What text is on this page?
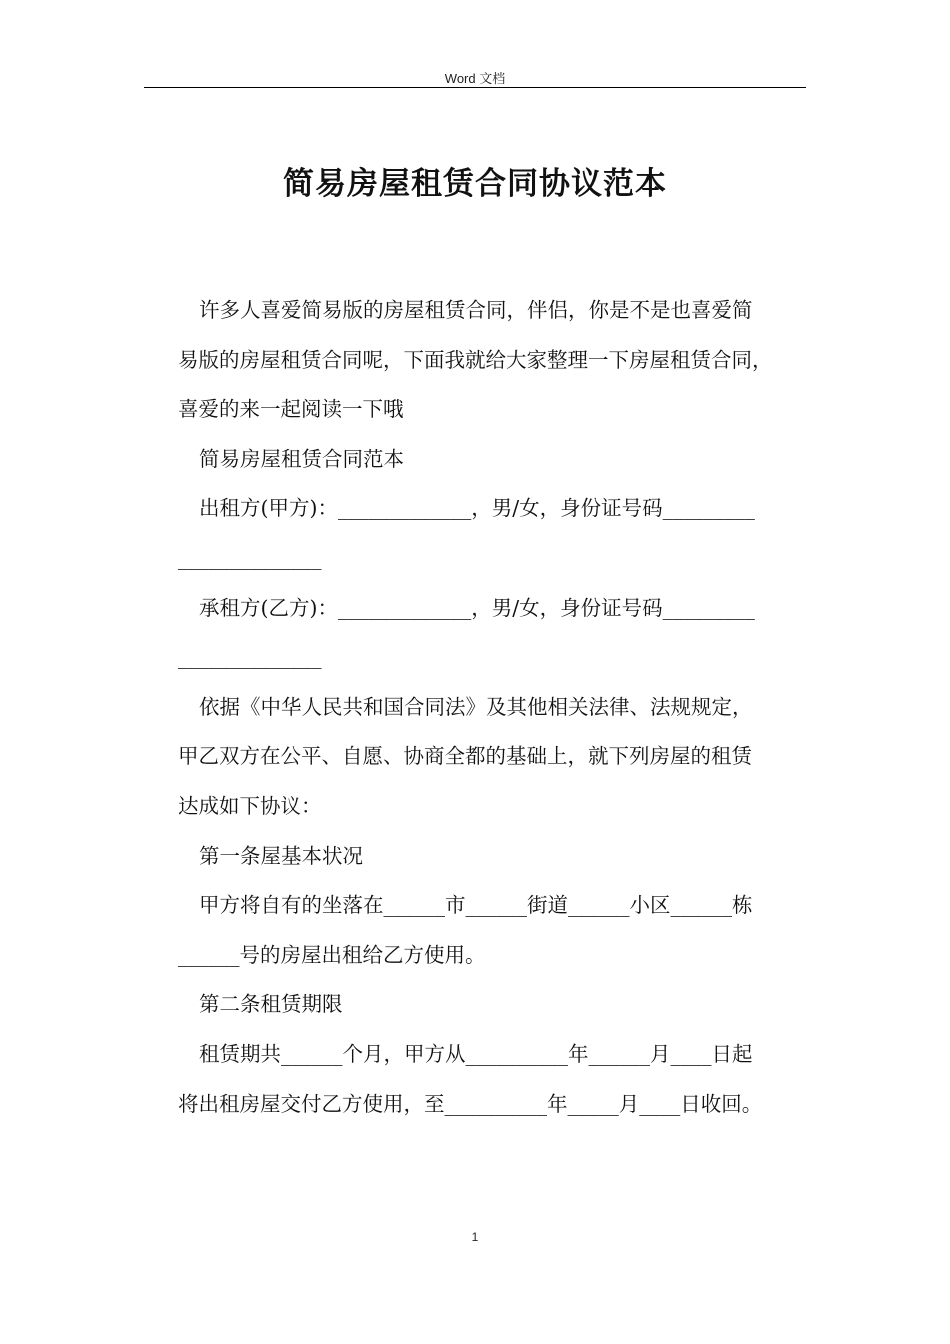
Word 文档
简易房屋租赁合同协议范本
许多人喜爱简易版的房屋租赁合同，伴侣，你是不是也喜爱简
易版的房屋租赁合同呢，下面我就给大家整理一下房屋租赁合同，
喜爱的来一起阅读一下哦
简易房屋租赁合同范本
出租方(甲方)：_____________，男/女，身份证号码_________
______________
承租方(乙方)：_____________，男/女，身份证号码_________
______________
依据《中华人民共和国合同法》及其他相关法律、法规规定，
甲乙双方在公平、自愿、协商全都的基础上，就下列房屋的租赁
达成如下协议：
第一条屋基本状况
甲方将自有的坐落在______市______街道______小区______栋
______号的房屋出租给乙方使用。
第二条租赁期限
租赁期共______个月，甲方从__________年______月____日起
将出租房屋交付乙方使用，至__________年_____月____日收回。
1
